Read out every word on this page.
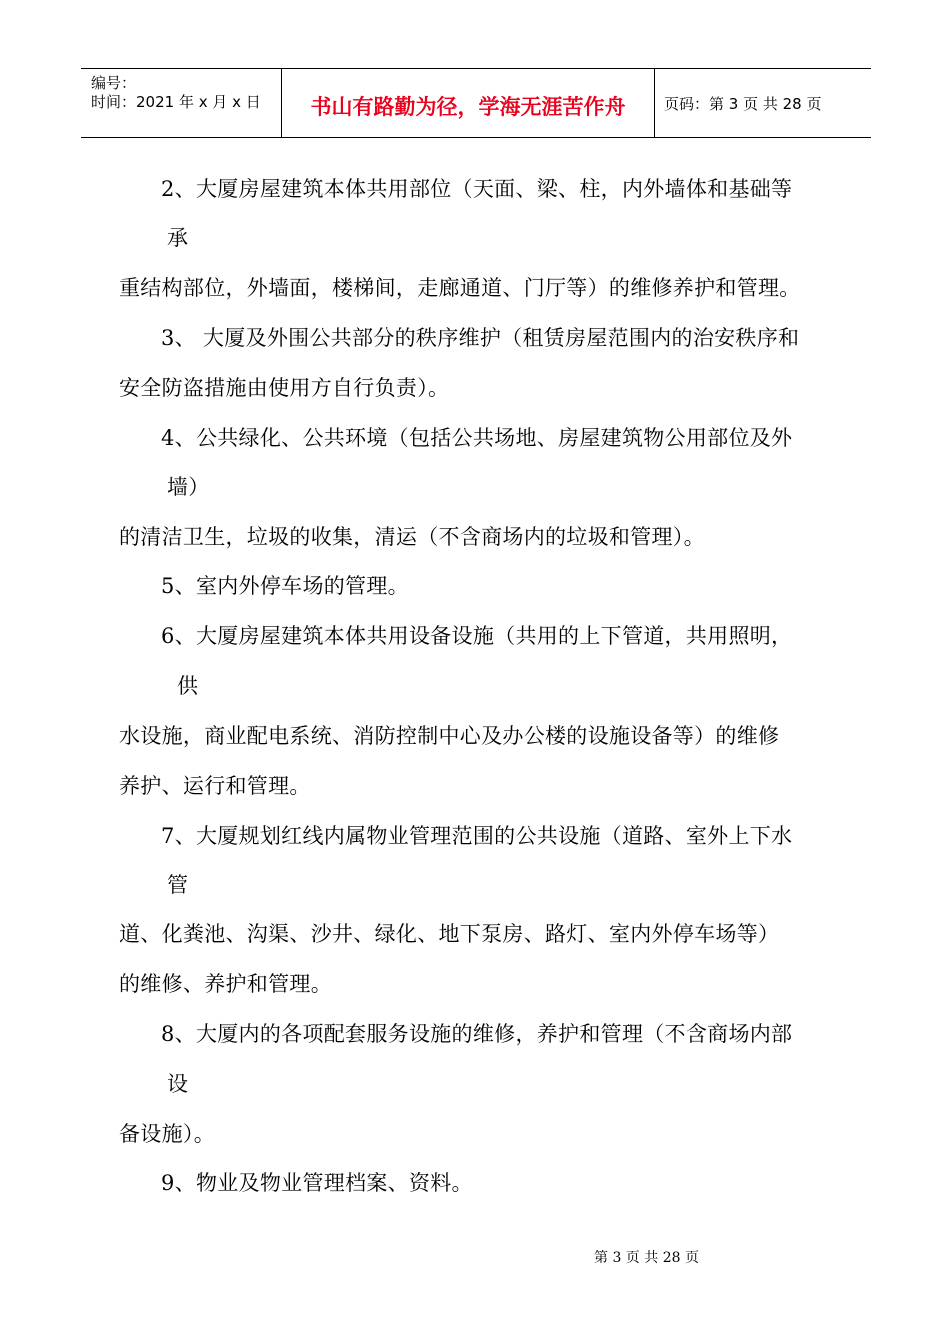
编号：
时间：2021 年 x 月 x 日	书山有路勤为径，学海无涯苦作舟	页码：第 3 页 共 28 页
2、大厦房屋建筑本体共用部位（天面、梁、柱，内外墙体和基础等
承
重结构部位，外墙面，楼梯间，走廊通道、门厅等）的维修养护和管理。
3、 大厦及外围公共部分的秩序维护（租赁房屋范围内的治安秩序和
安全防盗措施由使用方自行负责）。
4、公共绿化、公共环境（包括公共场地、房屋建筑物公用部位及外
墙）
的清洁卫生，垃圾的收集，清运（不含商场内的垃圾和管理）。
5、室内外停车场的管理。
6、大厦房屋建筑本体共用设备设施（共用的上下管道，共用照明，
供
水设施，商业配电系统、消防控制中心及办公楼的设施设备等）的维修
养护、运行和管理。
7、大厦规划红线内属物业管理范围的公共设施（道路、室外上下水
管
道、化粪池、沟渠、沙井、绿化、地下泵房、路灯、室内外停车场等）
的维修、养护和管理。
8、大厦内的各项配套服务设施的维修，养护和管理（不含商场内部
设
备设施）。
9、物业及物业管理档案、资料。
第 3 页 共 28 页
